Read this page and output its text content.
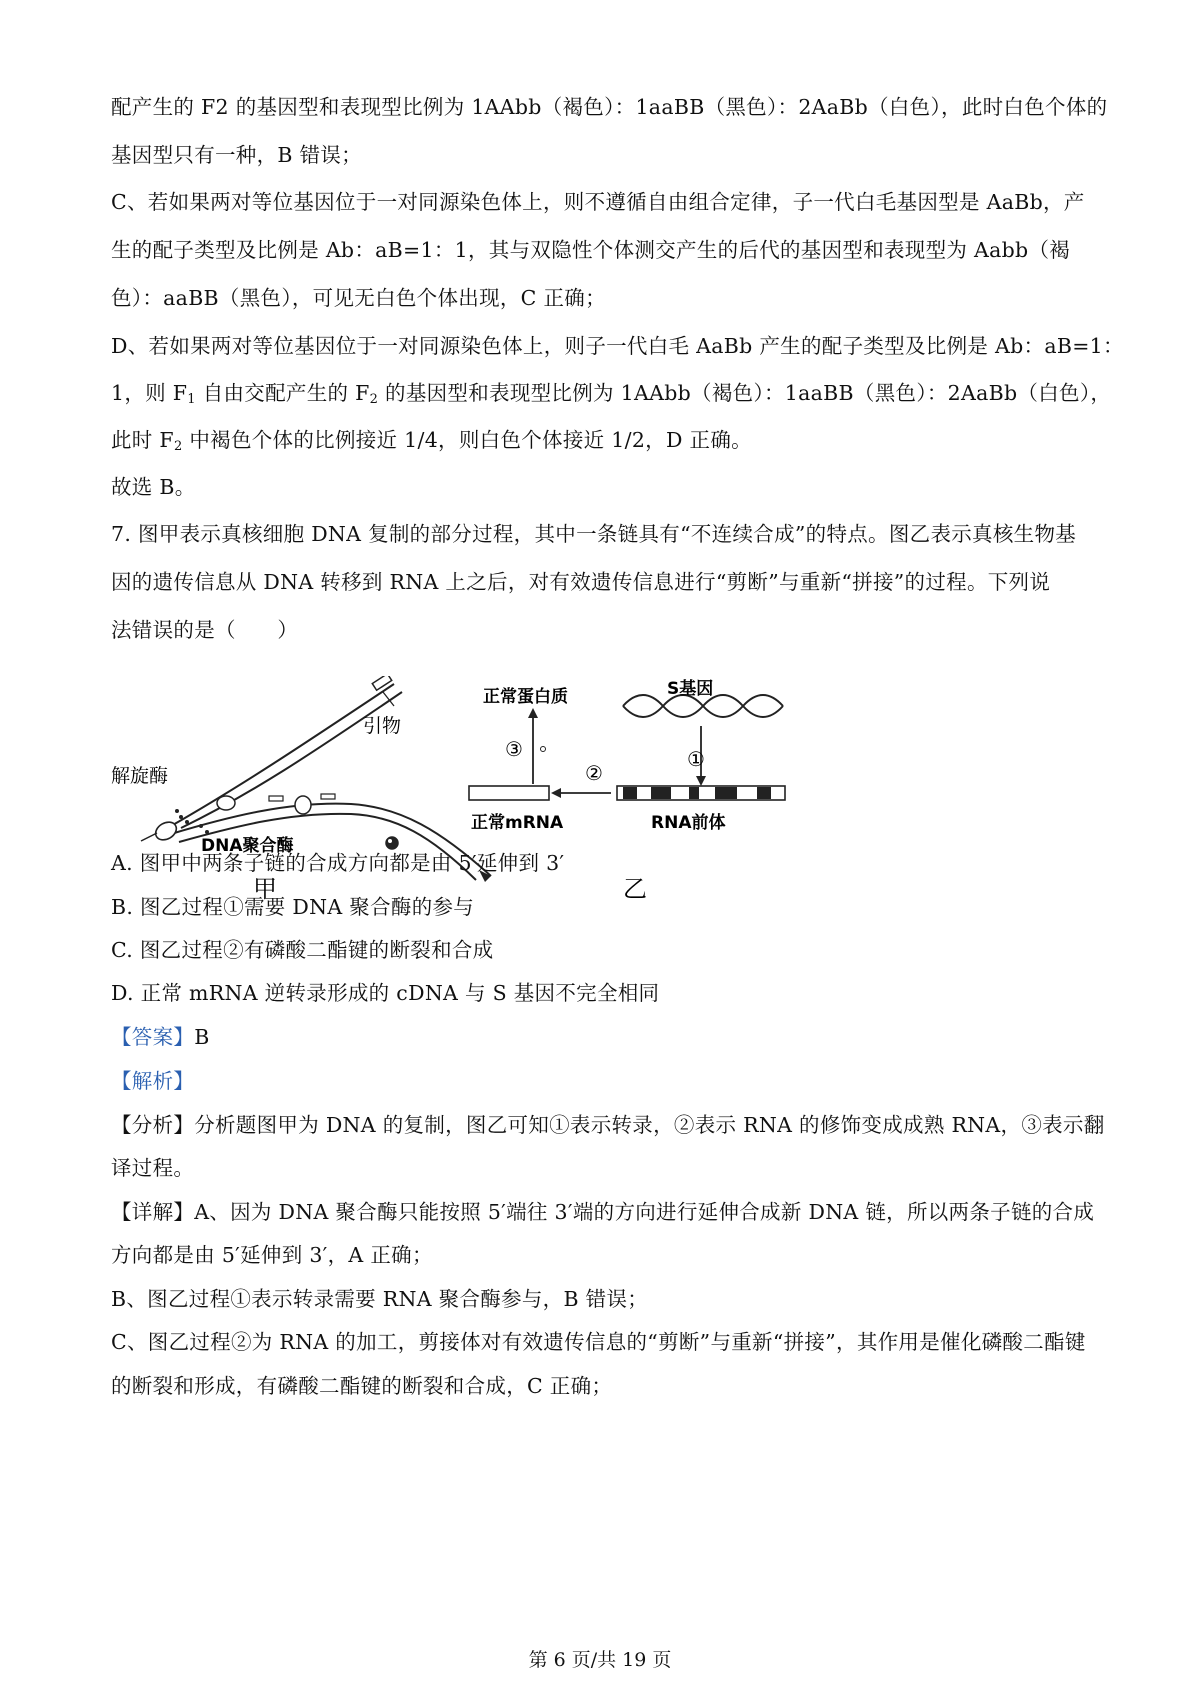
配产生的 F2 的基因型和表现型比例为 1AAbb（褐色）：1aaBB（黑色）：2AaBb（白色），此时白色个体的
基因型只有一种，B 错误；
C、若如果两对等位基因位于一对同源染色体上，则不遵循自由组合定律，子一代白毛基因型是 AaBb，产
生的配子类型及比例是 Ab：aB=1：1，其与双隐性个体测交产生的后代的基因型和表现型为 Aabb（褐
色）：aaBB（黑色），可见无白色个体出现，C 正确；
D、若如果两对等位基因位于一对同源染色体上，则子一代白毛 AaBb 产生的配子类型及比例是 Ab：aB=1：
1，则 $F_1$ 自由交配产生的 $F_2$ 的基因型和表现型比例为 1AAbb（褐色）：1aaBB（黑色）：2AaBb（白色），
此时 $F_2$ 中褐色个体的比例接近 1/4，则白色个体接近 1/2，D 正确。
故选 B。
7. 图甲表示真核细胞 DNA 复制的部分过程，其中一条链具有“不连续合成”的特点。图乙表示真核生物基
因的遗传信息从 DNA 转移到 RNA 上之后，对有效遗传信息进行“剪断”与重新“拼接”的过程。下列说
法错误的是（　　）
引物
解旋酶
DNA聚合酶
甲
S基因
①
RNA前体
②
正常mRNA
③
正常蛋白质
乙
A. 图甲中两条子链的合成方向都是由 5′延伸到 3′
B. 图乙过程①需要 DNA 聚合酶的参与
C. 图乙过程②有磷酸二酯键的断裂和合成
D. 正常 mRNA 逆转录形成的 cDNA 与 S 基因不完全相同
【答案】B
【解析】
【分析】分析题图甲为 DNA 的复制，图乙可知①表示转录，②表示 RNA 的修饰变成成熟 RNA，③表示翻
译过程。
【详解】A、因为 DNA 聚合酶只能按照 5′端往 3′端的方向进行延伸合成新 DNA 链，所以两条子链的合成
方向都是由 5′延伸到 3′，A 正确；
B、图乙过程①表示转录需要 RNA 聚合酶参与，B 错误；
C、图乙过程②为 RNA 的加工，剪接体对有效遗传信息的“剪断”与重新“拼接”，其作用是催化磷酸二酯键
的断裂和形成，有磷酸二酯键的断裂和合成，C 正确；
第 6 页/共 19 页
